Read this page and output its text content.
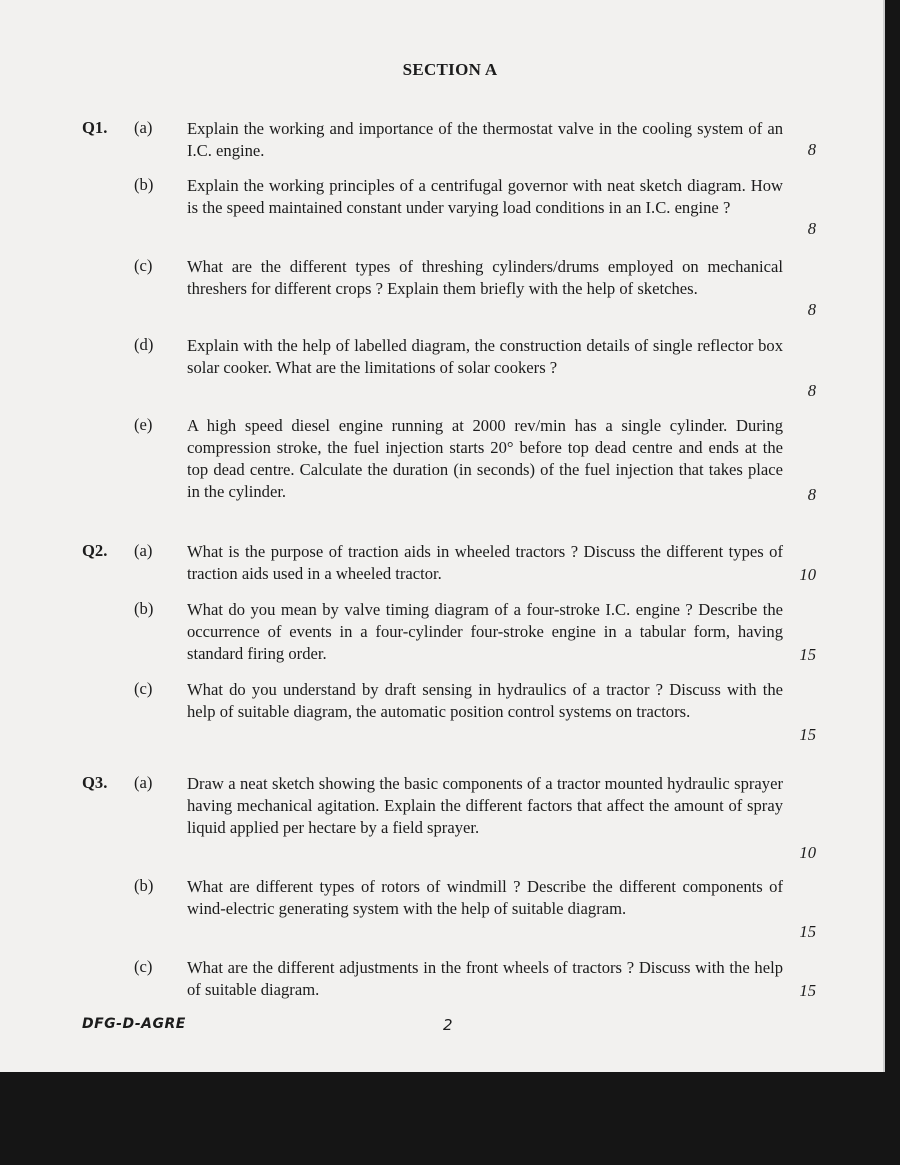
SECTION A
Q1. (a) Explain the working and importance of the thermostat valve in the cooling system of an I.C. engine.	8
(b) Explain the working principles of a centrifugal governor with neat sketch diagram. How is the speed maintained constant under varying load conditions in an I.C. engine ?
8
(c) What are the different types of threshing cylinders/drums employed on mechanical threshers for different crops ? Explain them briefly with the help of sketches.
8
(d) Explain with the help of labelled diagram, the construction details of single reflector box solar cooker. What are the limitations of solar cookers ?
8
(e) A high speed diesel engine running at 2000 rev/min has a single cylinder. During compression stroke, the fuel injection starts 20° before top dead centre and ends at the top dead centre. Calculate the duration (in seconds) of the fuel injection that takes place in the cylinder.	8
Q2. (a) What is the purpose of traction aids in wheeled tractors ? Discuss the different types of traction aids used in a wheeled tractor.	10
(b) What do you mean by valve timing diagram of a four-stroke I.C. engine ? Describe the occurrence of events in a four-cylinder four-stroke engine in a tabular form, having standard firing order.	15
(c) What do you understand by draft sensing in hydraulics of a tractor ? Discuss with the help of suitable diagram, the automatic position control systems on tractors.
15
Q3. (a) Draw a neat sketch showing the basic components of a tractor mounted hydraulic sprayer having mechanical agitation. Explain the different factors that affect the amount of spray liquid applied per hectare by a field sprayer.
10
(b) What are different types of rotors of windmill ? Describe the different components of wind-electric generating system with the help of suitable diagram.
15
(c) What are the different adjustments in the front wheels of tractors ? Discuss with the help of suitable diagram.	15
DFG-D-AGRE	2
